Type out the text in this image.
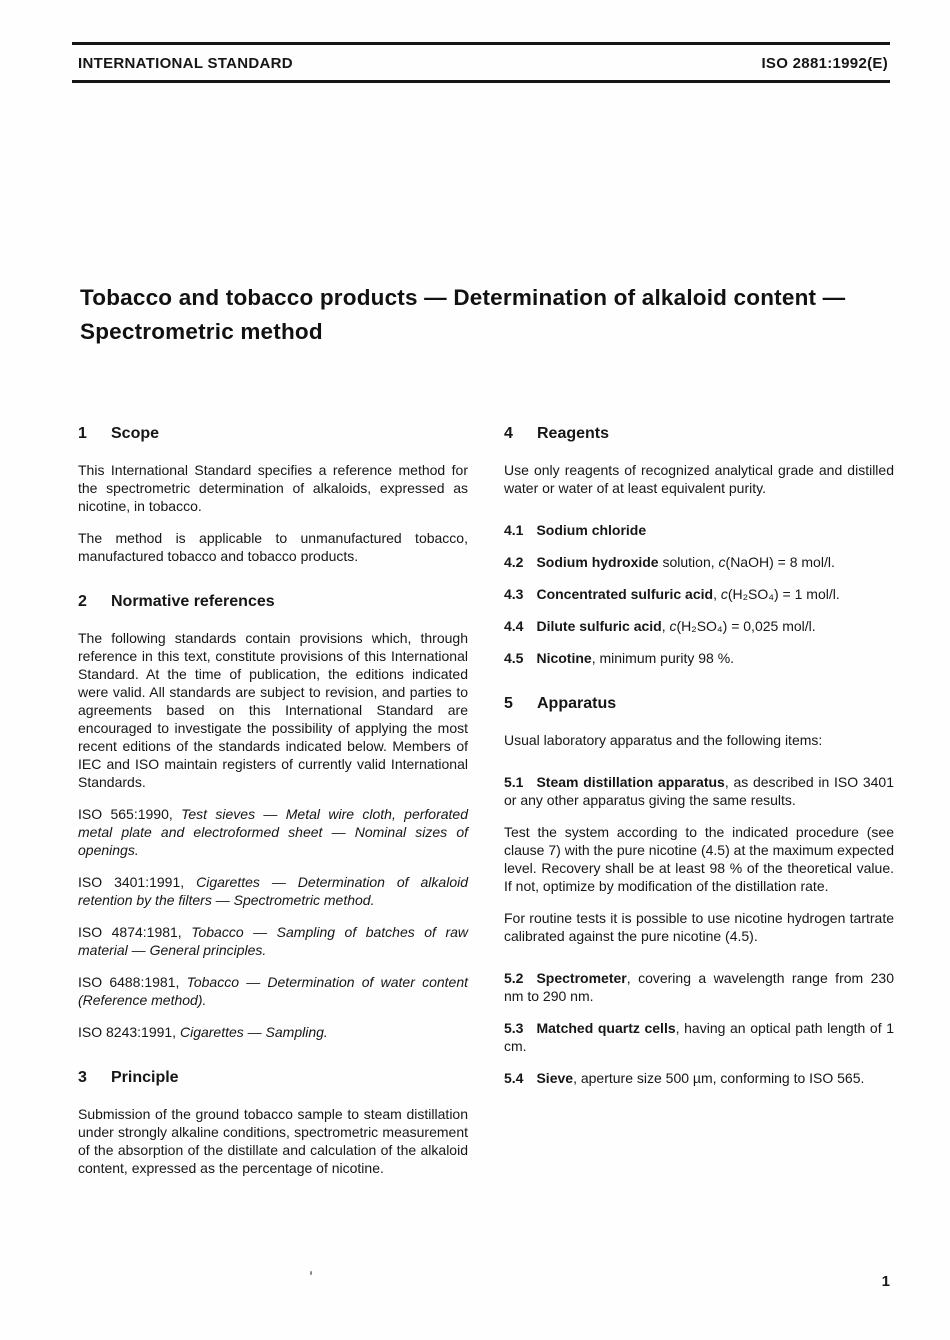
INTERNATIONAL STANDARD	ISO 2881:1992(E)
Tobacco and tobacco products — Determination of alkaloid content — Spectrometric method
1	Scope

This International Standard specifies a reference method for the spectrometric determination of alkaloids, expressed as nicotine, in tobacco.

The method is applicable to unmanufactured tobacco, manufactured tobacco and tobacco products.

2	Normative references

The following standards contain provisions which, through reference in this text, constitute provisions of this International Standard. At the time of publication, the editions indicated were valid. All standards are subject to revision, and parties to agreements based on this International Standard are encouraged to investigate the possibility of applying the most recent editions of the standards indicated below. Members of IEC and ISO maintain registers of currently valid International Standards.

ISO 565:1990, Test sieves — Metal wire cloth, perforated metal plate and electroformed sheet — Nominal sizes of openings.

ISO 3401:1991, Cigarettes — Determination of alkaloid retention by the filters — Spectrometric method.

ISO 4874:1981, Tobacco — Sampling of batches of raw material — General principles.

ISO 6488:1981, Tobacco — Determination of water content (Reference method).

ISO 8243:1991, Cigarettes — Sampling.

3	Principle

Submission of the ground tobacco sample to steam distillation under strongly alkaline conditions, spectrometric measurement of the absorption of the distillate and calculation of the alkaloid content, expressed as the percentage of nicotine.

4	Reagents

Use only reagents of recognized analytical grade and distilled water or water of at least equivalent purity.

4.1 Sodium chloride

4.2 Sodium hydroxide solution, c(NaOH) = 8 mol/l.

4.3 Concentrated sulfuric acid, c(H₂SO₄) = 1 mol/l.

4.4 Dilute sulfuric acid, c(H₂SO₄) = 0,025 mol/l.

4.5 Nicotine, minimum purity 98 %.

5	Apparatus

Usual laboratory apparatus and the following items:

5.1 Steam distillation apparatus, as described in ISO 3401 or any other apparatus giving the same results.

Test the system according to the indicated procedure (see clause 7) with the pure nicotine (4.5) at the maximum expected level. Recovery shall be at least 98 % of the theoretical value. If not, optimize by modification of the distillation rate.

For routine tests it is possible to use nicotine hydrogen tartrate calibrated against the pure nicotine (4.5).

5.2 Spectrometer, covering a wavelength range from 230 nm to 290 nm.

5.3 Matched quartz cells, having an optical path length of 1 cm.

5.4 Sieve, aperture size 500 µm, conforming to ISO 565.

1
